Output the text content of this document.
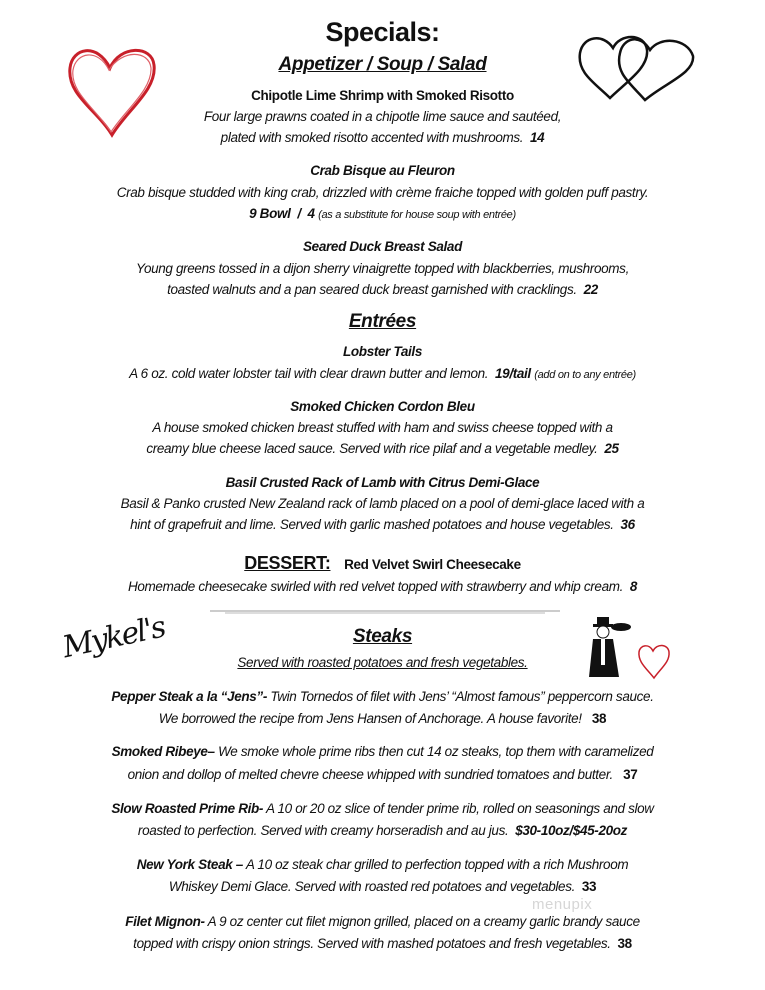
Mykel's
Specials:
Appetizer / Soup / Salad
Chipotle Lime Shrimp with Smoked Risotto
Four large prawns coated in a chipotle lime sauce and sautéed,
plated with smoked risotto accented with mushrooms. 14
Crab Bisque au Fleuron
Crab bisque studded with king crab, drizzled with crème fraiche topped with golden puff pastry.
9 Bowl  /  4 (as a substitute for house soup with entrée)
Seared Duck Breast Salad
Young greens tossed in a dijon sherry vinaigrette topped with blackberries, mushrooms,
toasted walnuts and a pan seared duck breast garnished with cracklings. 22
Entrées
Lobster Tails
A 6 oz. cold water lobster tail with clear drawn butter and lemon. 19/tail (add on to any entrée)
Smoked Chicken Cordon Bleu
A house smoked chicken breast stuffed with ham and swiss cheese topped with a
creamy blue cheese laced sauce. Served with rice pilaf and a vegetable medley. 25
Basil Crusted Rack of Lamb with Citrus Demi-Glace
Basil & Panko crusted New Zealand rack of lamb placed on a pool of demi-glace laced with a
hint of grapefruit and lime. Served with garlic mashed potatoes and house vegetables. 36
DESSERT: Red Velvet Swirl Cheesecake
Homemade cheesecake swirled with red velvet topped with strawberry and whip cream. 8
Steaks
Served with roasted potatoes and fresh vegetables.
Pepper Steak a la “Jens”- Twin Tornedos of filet with Jens’ “Almost famous” peppercorn sauce.
We borrowed the recipe from Jens Hansen of Anchorage. A house favorite! 38
Smoked Ribeye– We smoke whole prime ribs then cut 14 oz steaks, top them with caramelized
onion and dollop of melted chevre cheese whipped with sundried tomatoes and butter. 37
Slow Roasted Prime Rib- A 10 or 20 oz slice of tender prime rib, rolled on seasonings and slow
roasted to perfection. Served with creamy horseradish and au jus. $30-10oz/$45-20oz
New York Steak – A 10 oz steak char grilled to perfection topped with a rich Mushroom
Whiskey Demi Glace. Served with roasted red potatoes and vegetables. 33
Filet Mignon- A 9 oz center cut filet mignon grilled, placed on a creamy garlic brandy sauce
topped with crispy onion strings. Served with mashed potatoes and fresh vegetables. 38
menupix
